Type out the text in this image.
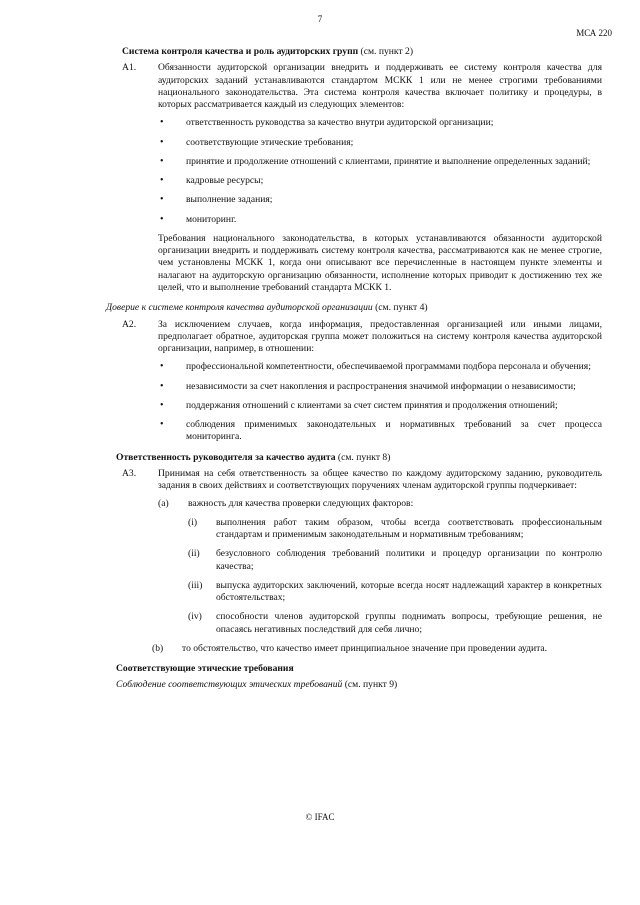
7
МСА 220
Система контроля качества и роль аудиторских групп (см. пункт 2)
A1. Обязанности аудиторской организации внедрить и поддерживать ее систему контроля качества для аудиторских заданий устанавливаются стандартом МСКК 1 или не менее строгими требованиями национального законодательства. Эта система контроля качества включает политику и процедуры, в которых рассматривается каждый из следующих элементов:
• ответственность руководства за качество внутри аудиторской организации;
• соответствующие этические требования;
• принятие и продолжение отношений с клиентами, принятие и выполнение определенных заданий;
• кадровые ресурсы;
• выполнение задания;
• мониторинг.
Требования национального законодательства, в которых устанавливаются обязанности аудиторской организации внедрить и поддерживать систему контроля качества, рассматриваются как не менее строгие, чем установлены МСКК 1, когда они описывают все перечисленные в настоящем пункте элементы и налагают на аудиторскую организацию обязанности, исполнение которых приводит к достижению тех же целей, что и выполнение требований стандарта МСКК 1.
Доверие к системе контроля качества аудиторской организации (см. пункт 4)
A2. За исключением случаев, когда информация, предоставленная организацией или иными лицами, предполагает обратное, аудиторская группа может положиться на систему контроля качества аудиторской организации, например, в отношении:
• профессиональной компетентности, обеспечиваемой программами подбора персонала и обучения;
• независимости за счет накопления и распространения значимой информации о независимости;
• поддержания отношений с клиентами за счет систем принятия и продолжения отношений;
• соблюдения применимых законодательных и нормативных требований за счет процесса мониторинга.
Ответственность руководителя за качество аудита (см. пункт 8)
A3. Принимая на себя ответственность за общее качество по каждому аудиторскому заданию, руководитель задания в своих действиях и соответствующих поручениях членам аудиторской группы подчеркивает:
(a) важность для качества проверки следующих факторов:
(i) выполнения работ таким образом, чтобы всегда соответствовать профессиональным стандартам и применимым законодательным и нормативным требованиям;
(ii) безусловного соблюдения требований политики и процедур организации по контролю качества;
(iii) выпуска аудиторских заключений, которые всегда носят надлежащий характер в конкретных обстоятельствах;
(iv) способности членов аудиторской группы поднимать вопросы, требующие решения, не опасаясь негативных последствий для себя лично;
(b) то обстоятельство, что качество имеет принципиальное значение при проведении аудита.
Соответствующие этические требования
Соблюдение соответствующих этических требований (см. пункт 9)
© IFAC
